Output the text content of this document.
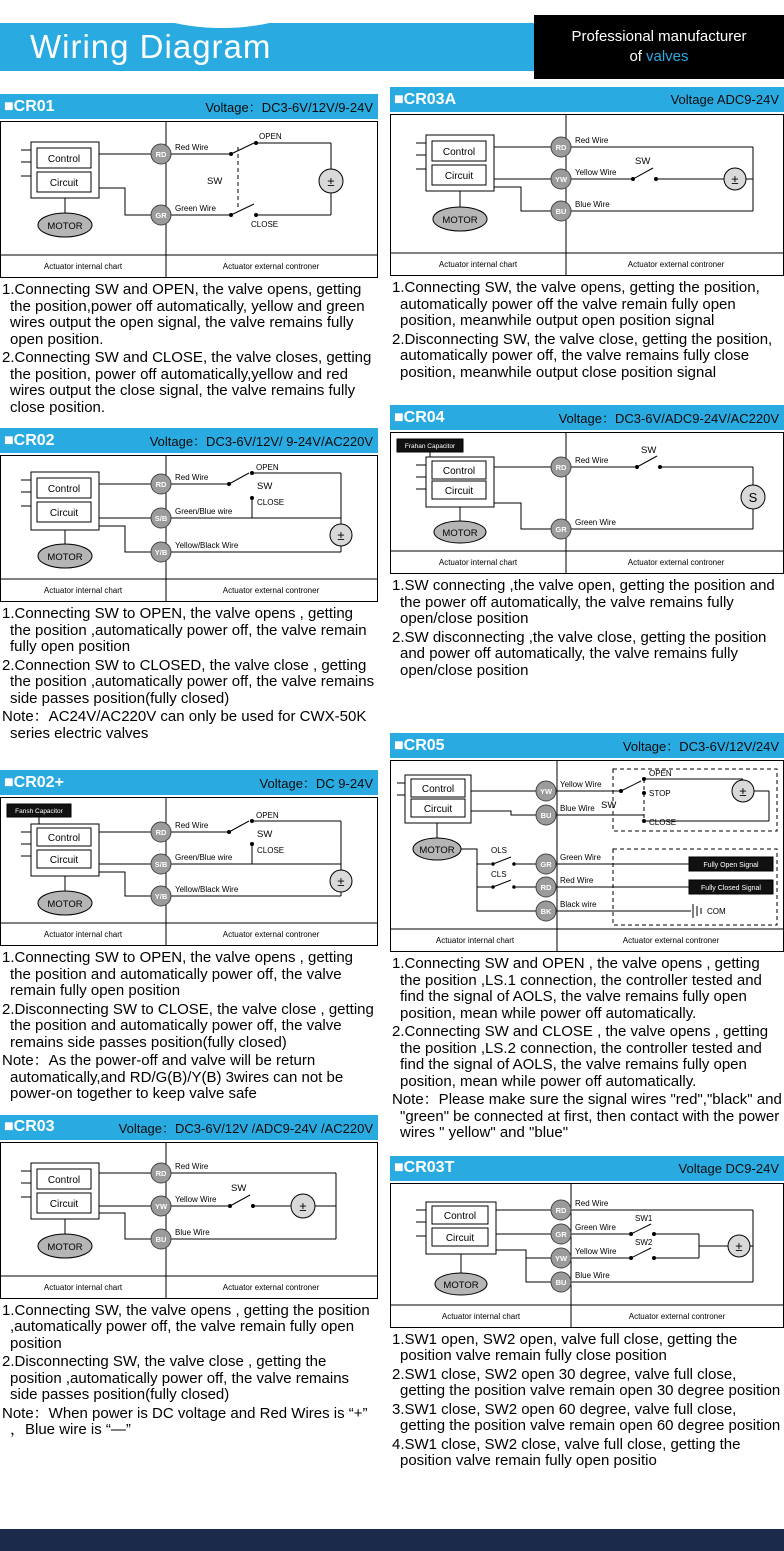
Wiring Diagram	Professional manufacturer
of valves
■CR01	Voltage：DC3-6V/12V/9-24V
Control
Circuit
MOTOR
RD
GR
Red Wire
Green Wire
OPEN
SW
CLOSE
±
Actuator internal chart	Actuator external controner

1.Connecting SW and OPEN, the valve opens, getting the position,power off automatically, yellow and green wires output the open signal, the valve remains fully open position.

2.Connecting SW and CLOSE, the valve closes, getting the position, power off automatically,yellow and red wires output the close signal, the valve remains fully close position.

■CR02	Voltage：DC3-6V/12V/ 9-24V/AC220V
Control
Circuit
MOTOR
RD
S/B
Y/B
Red Wire
Green/Blue wire
Yellow/Black Wire
OPEN
SW
CLOSE
±
Actuator internal chart	Actuator external controner

1.Connecting SW to OPEN, the valve opens , getting the position ,automatically power off, the valve remain fully open position

2.Connection SW to CLOSED, the valve close , getting the position ,automatically power off, the valve remains side passes position(fully closed)

Note：AC24V/AC220V can only be used for CWX-50K series electric valves

■CR02+	Voltage：DC 9-24V
Fansh Capacitor
Control
Circuit
MOTOR
RD
S/B
Y/B
Red Wire
Green/Blue wire
Yellow/Black Wire
OPEN
SW
CLOSE
±
Actuator internal chart	Actuator external controner

1.Connecting SW to OPEN, the valve opens , getting the position and automatically power off, the valve remain fully open position

2.Disconnecting SW to CLOSE, the valve close , getting the position and automatically power off, the valve remains side passes position(fully closed)

Note：As the power-off and valve will be return automatically,and RD/G(B)/Y(B) 3wires can not be power-on together to keep valve safe

■CR03	Voltage：DC3-6V/12V /ADC9-24V /AC220V
Control
Circuit
MOTOR
RD
YW
BU
Red Wire
Yellow Wire
Blue Wire
SW
±
Actuator internal chart	Actuator external controner

1.Connecting SW, the valve opens , getting the position ,automatically power off, the valve remain fully open position

2.Disconnecting SW, the valve close , getting the position ,automatically power off, the valve remains side passes position(fully closed)

Note：When power is DC voltage and Red Wires is “+” ，Blue wire is “—”

■CR03A	Voltage ADC9-24V
Control
Circuit
MOTOR
RD
YW
BU
Red Wire
Yellow Wire
Blue Wire
SW
±
Actuator internal chart	Actuator external controner

1.Connecting SW, the valve opens, getting the position, automatically power off the valve remain fully open position, meanwhile output open position signal

2.Disconnecting SW, the valve close, getting the position, automatically power off, the valve remains fully close position, meanwhile output close position signal

■CR04	Voltage：DC3-6V/ADC9-24V/AC220V
Frahan Capacitor
Control
Circuit
MOTOR
RD
GR
Red Wire
Green Wire
SW
S
Actuator internal chart	Actuator external controner

1.SW connecting ,the valve open, getting the position and the power off automatically, the valve remains fully open/close position

2.SW disconnecting ,the valve close, getting the position and power off automatically, the valve remains fully open/close position

■CR05	Voltage：DC3-6V/12V/24V
Control
Circuit
MOTOR	OLS
CLS
YW
BU
GR
RD
BK
Yellow Wire
Blue Wire
Green Wire
Red Wire
Black wire
OPEN
STOP
CLOSE
SW
±
Fully Open Signal
Fully Closed Signal
COM
Actuator internal chart	Actuator external controner

1.Connecting SW and OPEN , the valve opens , getting the position ,LS.1 connection, the controller tested and find the signal of AOLS, the valve remains fully open position, mean while power off automatically.

2.Connecting SW and CLOSE , the valve opens , getting the position ,LS.2 connection, the controller tested and find the signal of AOLS, the valve remains fully open position, mean while power off automatically.

Note：Please make sure the signal wires "red","black" and "green" be connected at first, then contact with the power wires " yellow" and "blue"

■CR03T	Voltage DC9-24V
Control
Circuit
MOTOR
RD
GR
YW
BU
Red Wire
Green Wire
Yellow Wire
Blue Wire
SW1
SW2	±
Actuator internal chart	Actuator external controner

1.SW1 open, SW2 open, valve full close, getting the position valve remain fully close position

2.SW1 close, SW2 open 30 degree, valve full close, getting the position valve remain open 30 degree position

3.SW1 close, SW2 open 60 degree, valve full close, getting the position valve remain open 60 degree position

4.SW1 close, SW2 close, valve full close, getting the position valve remain fully open positio
